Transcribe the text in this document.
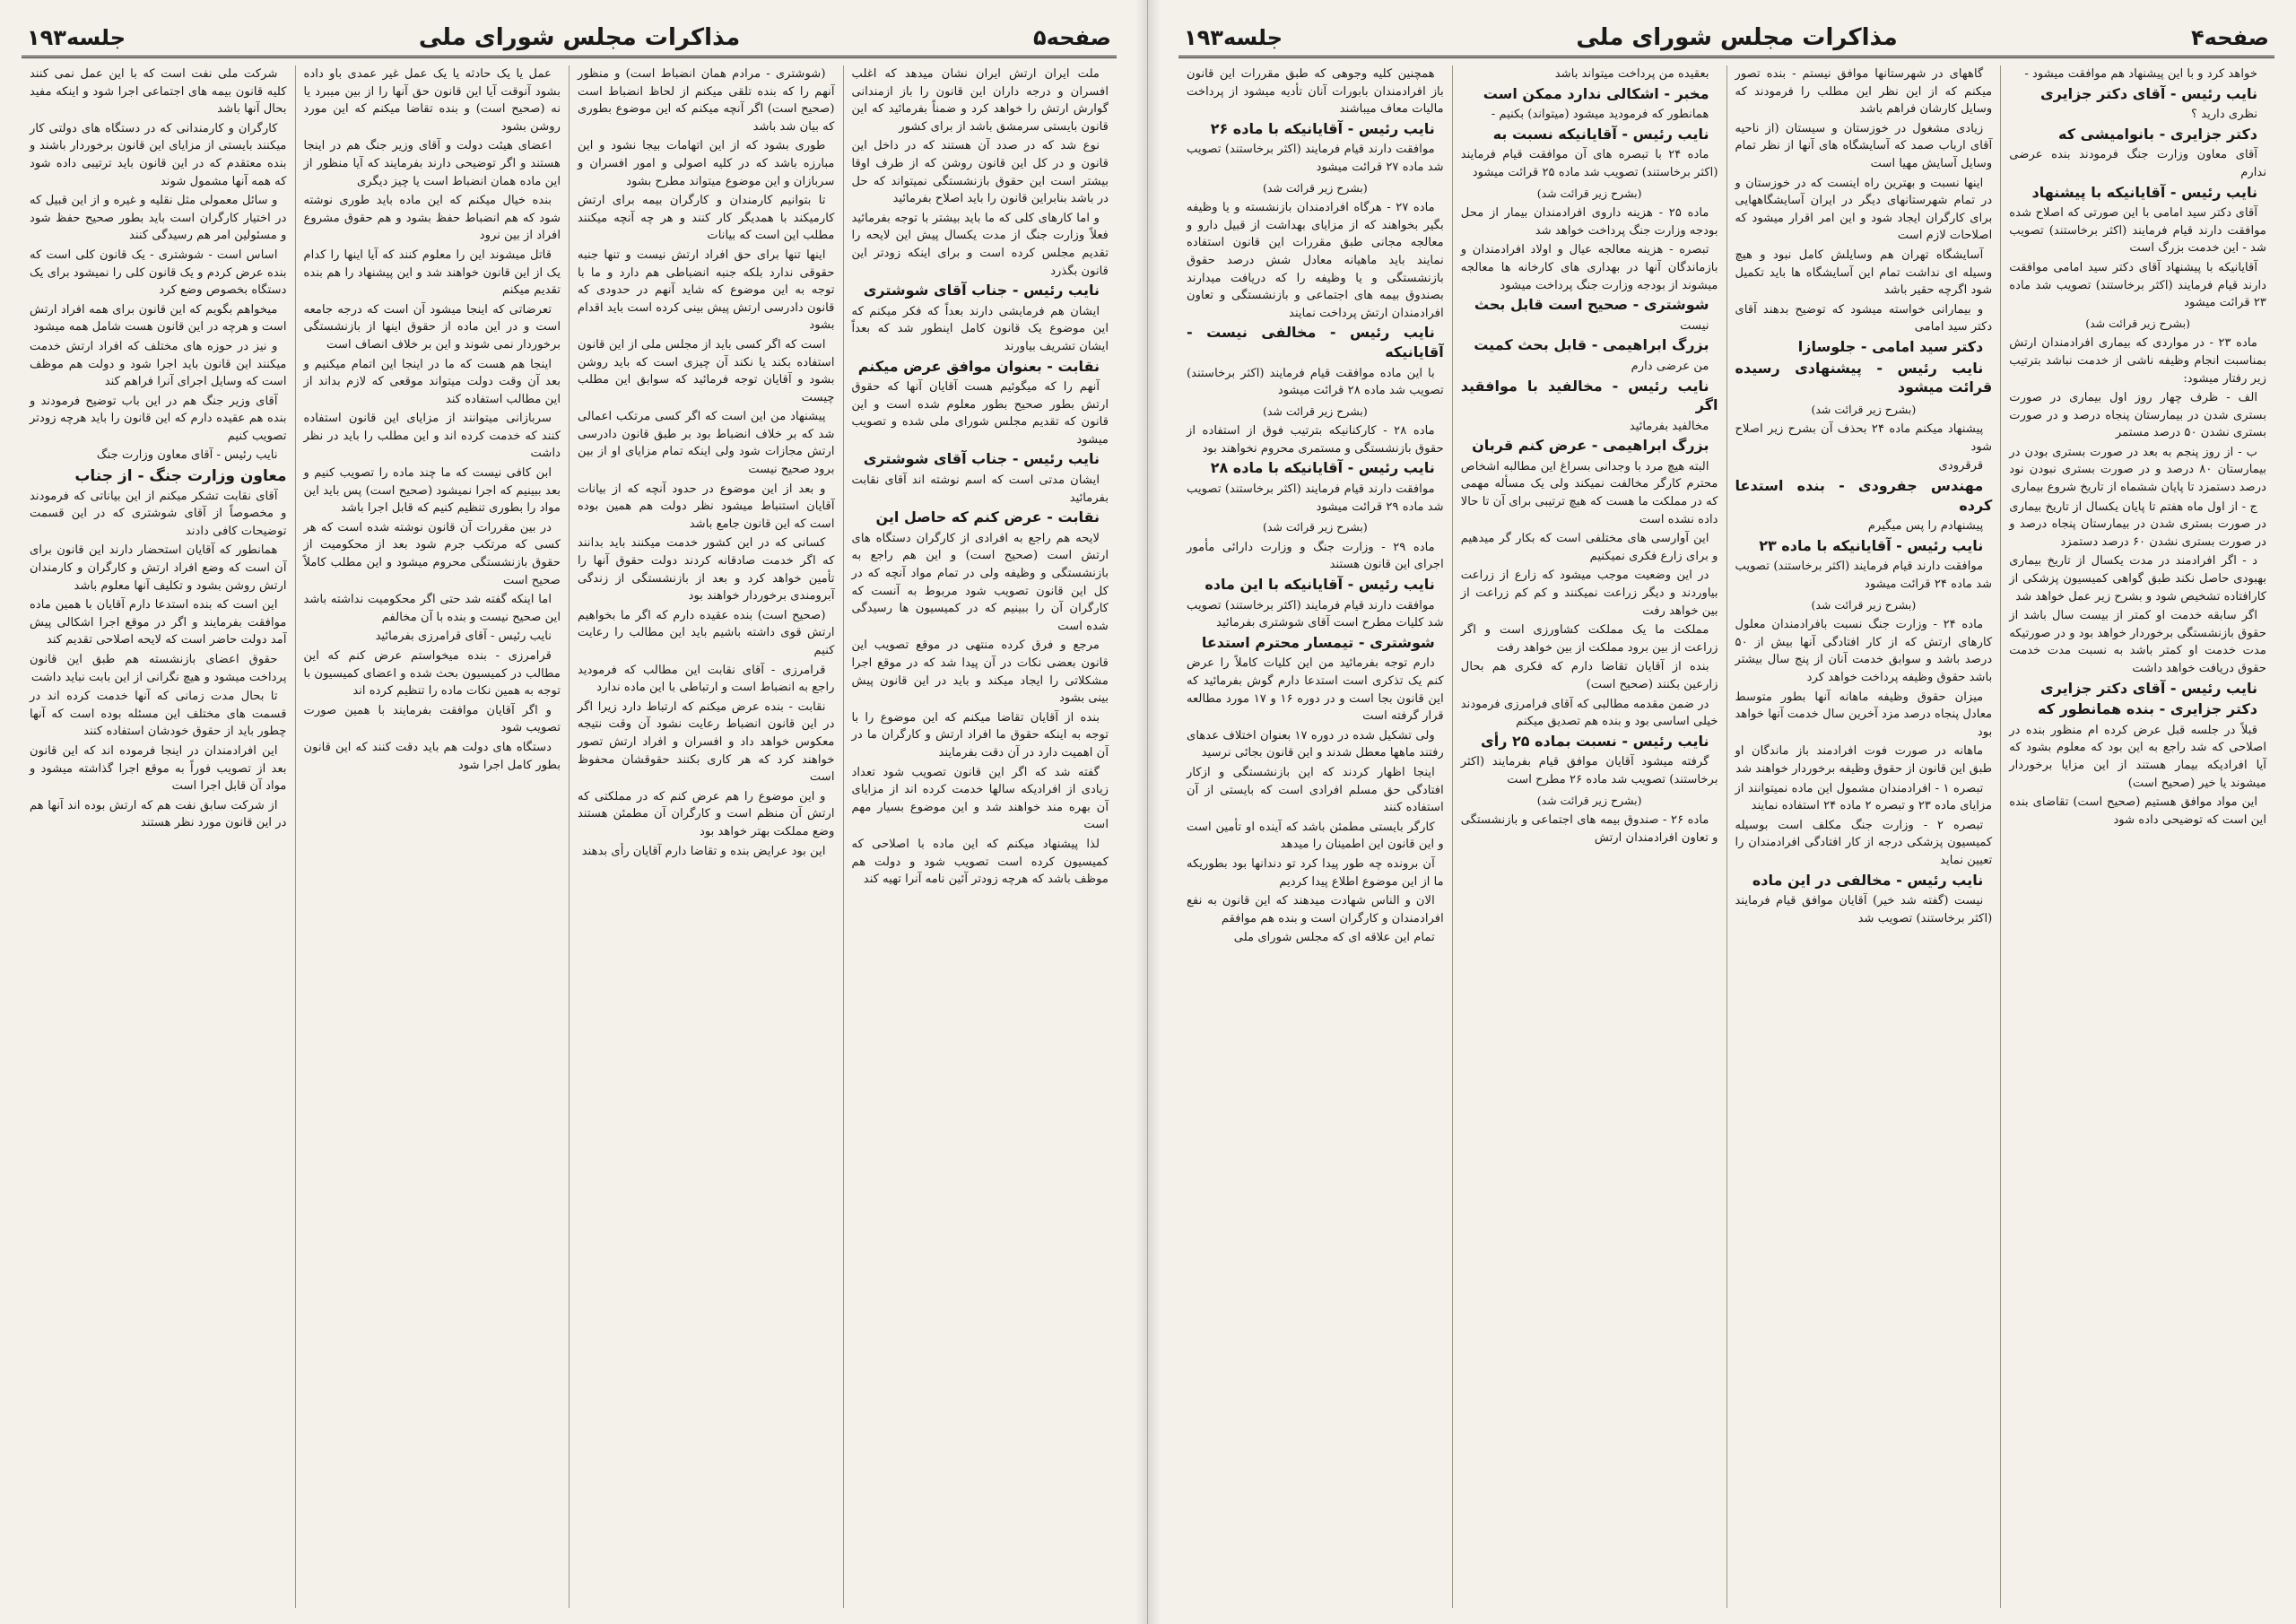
صفحه۵
مذاکرات مجلس شورای ملی
جلسه۱۹۳

ملت ایران ارتش ایران نشان میدهد که اغلب افسران و درجه داران این قانون را باز ازمندانی گوارش ارتش را خواهد کرد و ضمناً بفرمائید که این قانون بایستی سرمشق باشد از برای کشور

نوع شد که در صدد آن هستند که در داخل این قانون و در کل این قانون روشن که از طرف اوقا بیشتر است این حقوق بازنشستگی نمیتواند که حل در باشد بنابراین قانون را باید اصلاح بفرمائید

و اما کارهای کلی که ما باید بیشتر با توجه بفرمائید فعلاً وزارت جنگ از مدت یکسال پیش این لایحه را تقدیم مجلس کرده است و برای اینکه زودتر این قانون بگذرد

نایب رئیس - جناب آقای شوشتری

ایشان هم فرمایشی دارند بعداً که فکر میکنم که این موضوع یک قانون کامل اینطور شد که بعداً ایشان تشریف بیاورند

نقابت - بعنوان موافق عرض میکنم

آنهم را که میگوئیم هست آقایان آنها که حقوق ارتش بطور صحیح بطور معلوم شده است و این قانون که تقدیم مجلس شورای ملی شده و تصویب میشود

نایب رئیس - جناب آقای شوشتری

ایشان مدتی است که اسم نوشته اند آقای نقابت بفرمائید

نقابت - عرض کنم که حاصل این

لایحه هم راجع به افرادی از کارگران دستگاه های ارتش است (صحیح است) و این هم راجع به بازنشستگی و وظیفه ولی در تمام مواد آنچه که در کل این قانون تصویب شود مربوط به آنست که کارگران آن را ببینیم که در کمیسیون ها رسیدگی شده است

مرجع و فرق کرده منتهی در موقع تصویب این قانون بعضی نکات در آن پیدا شد که در موقع اجرا مشکلاتی را ایجاد میکند و باید در این قانون پیش بینی بشود

بنده از آقایان تقاضا میکنم که این موضوع را با توجه به اینکه حقوق ما افراد ارتش و کارگران ما در آن اهمیت دارد در آن دقت بفرمایند

گفته شد که اگر این قانون تصویب شود تعداد زیادی از افرادیکه سالها خدمت کرده اند از مزایای آن بهره مند خواهند شد و این موضوع بسیار مهم است

لذا پیشنهاد میکنم که این ماده با اصلاحی که کمیسیون کرده است تصویب شود و دولت هم موظف باشد که هرچه زودتر آئین نامه آنرا تهیه کند

(شوشتری - مرادم همان انضباط است) و منظور آنهم را که بنده تلقی میکنم از لحاظ انضباط است (صحیح است) اگر آنچه میکنم که این موضوع بطوری که بیان شد باشد

طوری بشود که از این اتهامات بیجا نشود و این مبارزه باشد که در کلیه اصولی و امور افسران و سربازان و این موضوع میتواند مطرح بشود

تا بتوانیم کارمندان و کارگران بیمه برای ارتش کارمیکند با همدیگر کار کنند و هر چه آنچه میکنند مطلب این است که بیانات

اینها تنها برای حق افراد ارتش نیست و تنها جنبه حقوقی ندارد بلکه جنبه انضباطی هم دارد و ما با توجه به این موضوع که شاید آنهم در حدودی که قانون دادرسی ارتش پیش بینی کرده است باید اقدام بشود

است که اگر کسی باید از مجلس ملی از این قانون استفاده بکند یا نکند آن چیزی است که باید روشن بشود و آقایان توجه فرمائید که سوابق این مطلب چیست

پیشنهاد من این است که اگر کسی مرتکب اعمالی شد که بر خلاف انضباط بود بر طبق قانون دادرسی ارتش مجازات شود ولی اینکه تمام مزایای او از بین برود صحیح نیست

و بعد از این موضوع در حدود آنچه که از بیانات آقایان استنباط میشود نظر دولت هم همین بوده است که این قانون جامع باشد

کسانی که در این کشور خدمت میکنند باید بدانند که اگر خدمت صادقانه کردند دولت حقوق آنها را تأمین خواهد کرد و بعد از بازنشستگی از زندگی آبرومندی برخوردار خواهند بود

(صحیح است) بنده عقیده دارم که اگر ما بخواهیم ارتش قوی داشته باشیم باید این مطالب را رعایت کنیم

قرامرزی - آقای نقابت این مطالب که فرمودید راجع به انضباط است و ارتباطی با این ماده ندارد

نقابت - بنده عرض میکنم که ارتباط دارد زیرا اگر در این قانون انضباط رعایت نشود آن وقت نتیجه معکوس خواهد داد و افسران و افراد ارتش تصور خواهند کرد که هر کاری بکنند حقوقشان محفوظ است

و این موضوع را هم عرض کنم که در مملکتی که ارتش آن منظم است و کارگران آن مطمئن هستند وضع مملکت بهتر خواهد بود

این بود عرایض بنده و تقاضا دارم آقایان رأی بدهند

عمل یا یک حادثه یا یک عمل غیر عمدی باو داده بشود آنوقت آیا این قانون حق آنها را از بین میبرد یا نه (صحیح است) و بنده تقاضا میکنم که این مورد روشن بشود

اعضای هیئت دولت و آقای وزیر جنگ هم در اینجا هستند و اگر توضیحی دارند بفرمایند که آیا منظور از این ماده همان انضباط است یا چیز دیگری

بنده خیال میکنم که این ماده باید طوری نوشته شود که هم انضباط حفظ بشود و هم حقوق مشروع افراد از بین نرود

قاتل میشوند این را معلوم کنند که آیا اینها را کدام یک از این قانون خواهند شد و این پیشنهاد را هم بنده تقدیم میکنم

تعرضاتی که اینجا میشود آن است که درجه جامعه است و در این ماده از حقوق اینها از بازنشستگی برخوردار نمی شوند و این بر خلاف انصاف است

اینجا هم هست که ما در اینجا این اتمام میکنیم و بعد آن وقت دولت میتواند موقعی که لازم بداند از این مطالب استفاده کند

سربازانی میتوانند از مزایای این قانون استفاده کنند که خدمت کرده اند و این مطلب را باید در نظر داشت

ابن کافی نیست که ما چند ماده را تصویب کنیم و بعد ببینیم که اجرا نمیشود (صحیح است) پس باید این مواد را بطوری تنظیم کنیم که قابل اجرا باشد

در بین مقررات آن قانون نوشته شده است که هر کسی که مرتکب جرم شود بعد از محکومیت از حقوق بازنشستگی محروم میشود و این مطلب کاملاً صحیح است

اما اینکه گفته شد حتی اگر محکومیت نداشته باشد این صحیح نیست و بنده با آن مخالفم

نایب رئیس - آقای قرامرزی بفرمائید

قرامرزی - بنده میخواستم عرض کنم که این مطالب در کمیسیون بحث شده و اعضای کمیسیون با توجه به همین نکات ماده را تنظیم کرده اند

و اگر آقایان موافقت بفرمایند با همین صورت تصویب شود

دستگاه های دولت هم باید دقت کنند که این قانون بطور کامل اجرا شود

شرکت ملی نفت است که با این عمل نمی کنند کلیه قانون بیمه های اجتماعی اجرا شود و اینکه مفید بحال آنها باشد

کارگران و کارمندانی که در دستگاه های دولتی کار میکنند بایستی از مزایای این قانون برخوردار باشند و بنده معتقدم که در این قانون باید ترتیبی داده شود که همه آنها مشمول شوند

و سائل معمولی مثل نقلیه و غیره و از این قبیل که در اختیار کارگران است باید بطور صحیح حفظ شود و مسئولین امر هم رسیدگی کنند

اساس است - شوشتری - یک قانون کلی است که بنده عرض کردم و یک قانون کلی را نمیشود برای یک دستگاه بخصوص وضع کرد

میخواهم بگویم که این قانون برای همه افراد ارتش است و هرچه در این قانون هست شامل همه میشود

و نیز در حوزه های مختلف که افراد ارتش خدمت میکنند این قانون باید اجرا شود و دولت هم موظف است که وسایل اجرای آنرا فراهم کند

آقای وزیر جنگ هم در این باب توضیح فرمودند و بنده هم عقیده دارم که این قانون را باید هرچه زودتر تصویب کنیم

نایب رئیس - آقای معاون وزارت جنگ

معاون وزارت جنگ - از جناب

آقای نقابت تشکر میکنم از این بیاناتی که فرمودند و مخصوصاً از آقای شوشتری که در این قسمت توضیحات کافی دادند

همانطور که آقایان استحضار دارند این قانون برای آن است که وضع افراد ارتش و کارگران و کارمندان ارتش روشن بشود و تکلیف آنها معلوم باشد

این است که بنده استدعا دارم آقایان با همین ماده موافقت بفرمایند و اگر در موقع اجرا اشکالی پیش آمد دولت حاضر است که لایحه اصلاحی تقدیم کند

حقوق اعضای بازنشسته هم طبق این قانون پرداخت میشود و هیچ نگرانی از این بابت نباید داشت

تا بحال مدت زمانی که آنها خدمت کرده اند در قسمت های مختلف این مسئله بوده است که آنها چطور باید از حقوق خودشان استفاده کنند

این افرادمندان در اینجا فرموده اند که این قانون بعد از تصویب فوراً به موقع اجرا گذاشته میشود و مواد آن قابل اجرا است

از شرکت سابق نفت هم که ارتش بوده اند آنها هم در این قانون مورد نظر هستند

صفحه۴
مذاکرات مجلس شورای ملی
جلسه۱۹۳

خواهد کرد و با این پیشنهاد هم موافقت میشود -

نایب رئیس - آقای دکتر جزایری

نظری دارید ؟

دکتر جزایری - بانوامیشی که

آقای معاون وزارت جنگ فرمودند بنده عرضی ندارم

نایب رئیس - آقایانیکه با پیشنهاد

آقای دکتر سید امامی با این صورتی که اصلاح شده موافقت دارند قیام فرمایند (اکثر برخاستند) تصویب شد - این خدمت بزرگ است

آقایانیکه با پیشنهاد آقای دکتر سید امامی موافقت دارند قیام فرمایند (اکثر برخاستند) تصویب شد ماده ۲۳ قرائت میشود

(بشرح زیر قرائت شد)

ماده ۲۳ - در مواردی که بیماری افرادمندان ارتش بمناسبت انجام وظیفه ناشی از خدمت نباشد بترتیب زیر رفتار میشود:

الف - ظرف چهار روز اول بیماری در صورت بستری شدن در بیمارستان پنجاه درصد و در صورت بستری نشدن ۵۰ درصد مستمر

ب - از روز پنجم به بعد در صورت بستری بودن در بیمارستان ۸۰ درصد و در صورت بستری نبودن نود درصد دستمزد تا پایان ششماه از تاریخ شروع بیماری

ج - از اول ماه هفتم تا پایان یکسال از تاریخ بیماری در صورت بستری شدن در بیمارستان پنجاه درصد و در صورت بستری نشدن ۶۰ درصد دستمزد

د - اگر افرادمند در مدت یکسال از تاریخ بیماری بهبودی حاصل نکند طبق گواهی کمیسیون پزشکی از کارافتاده تشخیص شود و بشرح زیر عمل خواهد شد

اگر سابقه خدمت او کمتر از بیست سال باشد از حقوق بازنشستگی برخوردار خواهد بود و در صورتیکه مدت خدمت او کمتر باشد به نسبت مدت خدمت حقوق دریافت خواهد داشت

نایب رئیس - آقای دکتر جزایری

دکتر جزایری - بنده همانطور که

قبلاً در جلسه قبل عرض کرده ام منظور بنده در اصلاحی که شد راجع به این بود که معلوم بشود که آیا افرادیکه بیمار هستند از این مزایا برخوردار میشوند یا خیر (صحیح است)

این مواد موافق هستیم (صحیح است) تقاضای بنده این است که توضیحی داده شود

گاههای در شهرستانها موافق نیستم - بنده تصور میکنم که از این نظر این مطلب را فرمودند که وسایل کارشان فراهم باشد

زیادی مشغول در خوزستان و سیستان (از ناحیه آقای ارباب صمد که آسایشگاه های آنها از نظر تمام وسایل آسایش مهیا است

اینها نسبت و بهترین راه اینست که در خوزستان و در تمام شهرستانهای دیگر در ایران آسایشگاههایی برای کارگران ایجاد شود و این امر اقرار میشود که اصلاحات لازم است

آسایشگاه تهران هم وسایلش کامل نبود و هیچ وسیله ای نداشت تمام این آسایشگاه ها باید تکمیل شود اگرچه حقیر باشد

و بیمارانی خواسته میشود که توضیح بدهند آقای دکتر سید امامی

دکتر سید امامی - جلوسازا

نایب رئیس - پیشنهادی رسیده قرائت میشود

(بشرح زیر قرائت شد)

پیشنهاد میکنم ماده ۲۴ بحذف آن بشرح زیر اصلاح شود

قرقرودی

مهندس جفرودی - بنده استدعا کرده

پیشنهادم را پس میگیرم

نایب رئیس - آقایانیکه با ماده ۲۳

موافقت دارند قیام فرمایند (اکثر برخاستند) تصویب شد ماده ۲۴ قرائت میشود

(بشرح زیر قرائت شد)

ماده ۲۴ - وزارت جنگ نسبت بافرادمندان معلول کارهای ارتش که از کار افتادگی آنها بیش از ۵۰ درصد باشد و سوابق خدمت آنان از پنج سال بیشتر باشد حقوق وظیفه پرداخت خواهد کرد

میزان حقوق وظیفه ماهانه آنها بطور متوسط معادل پنجاه درصد مزد آخرین سال خدمت آنها خواهد بود

ماهانه در صورت فوت افرادمند باز ماندگان او طبق این قانون از حقوق وظیفه برخوردار خواهند شد

تبصره ۱ - افرادمندان مشمول این ماده نمیتوانند از مزایای ماده ۲۳ و تبصره ۲ ماده ۲۴ استفاده نمایند

تبصره ۲ - وزارت جنگ مکلف است بوسیله کمیسیون پزشکی درجه از کار افتادگی افرادمندان را تعیین نماید

نایب رئیس - مخالفی در این ماده

نیست (گفته شد خیر) آقایان موافق قیام فرمایند (اکثر برخاستند) تصویب شد

بعقیده من پرداخت میتواند باشد

مخبر - اشکالی ندارد ممکن است

همانطور که فرمودید میشود (میتواند) بکنیم -

نایب رئیس - آقایانیکه نسبت به

ماده ۲۴ با تبصره های آن موافقت قیام فرمایند (اکثر برخاستند) تصویب شد ماده ۲۵ قرائت میشود

(بشرح زیر قرائت شد)

ماده ۲۵ - هزینه داروی افرادمندان بیمار از محل بودجه وزارت جنگ پرداخت خواهد شد

تبصره - هزینه معالجه عیال و اولاد افرادمندان و بازماندگان آنها در بهداری های کارخانه ها معالجه میشوند از بودجه وزارت جنگ پرداخت میشود

شوشتری - صحیح است قابل بحث

نیست

بزرگ ابراهیمی - قابل بحث کمیت

من عرضی دارم

نایب رئیس - مخالفید با موافقید اگر

مخالفید بفرمائید

بزرگ ابراهیمی - عرض کنم قربان

البته هیچ مرد با وجدانی بسراغ این مطالبه اشخاص محترم کارگر مخالفت نمیکند ولی یک مسأله مهمی که در مملکت ما هست که هیچ ترتیبی برای آن تا حالا داده نشده است

این آوارسی های مختلفی است که بکار گر میدهیم و برای زارع فکری نمیکنیم

در این وضعیت موجب میشود که زارع از زراعت بیاوردند و دیگر زراعت نمیکنند و کم کم زراعت از بین خواهد رفت

مملکت ما یک مملکت کشاورزی است و اگر زراعت از بین برود مملکت از بین خواهد رفت

بنده از آقایان تقاضا دارم که فکری هم بحال زارعین بکنند (صحیح است)

در ضمن مقدمه مطالبی که آقای فرامرزی فرمودند خیلی اساسی بود و بنده هم تصدیق میکنم

نایب رئیس - نسبت بماده ۲۵ رأی

گرفته میشود آقایان موافق قیام بفرمایند (اکثر برخاستند) تصویب شد ماده ۲۶ مطرح است

(بشرح زیر قرائت شد)

ماده ۲۶ - صندوق بیمه های اجتماعی و بازنشستگی و تعاون افرادمندان ارتش

همچنین کلیه وجوهی که طبق مقررات این قانون باز افرادمندان بابورات آنان تأدیه میشود از پرداخت مالیات معاف میباشند

نایب رئیس - آقایانیکه با ماده ۲۶

موافقت دارند قیام فرمایند (اکثر برخاستند) تصویب شد ماده ۲۷ قرائت میشود

(بشرح زیر قرائت شد)

ماده ۲۷ - هرگاه افرادمندان بازنشسته و یا وظیفه بگیر بخواهند که از مزایای بهداشت از قبیل دارو و معالجه مجانی طبق مقررات این قانون استفاده نمایند باید ماهیانه معادل شش درصد حقوق بازنشستگی و یا وظیفه را که دریافت میدارند بصندوق بیمه های اجتماعی و بازنشستگی و تعاون افرادمندان ارتش پرداخت نمایند

نایب رئیس - مخالفی نیست - آقایانیکه

با این ماده موافقت قیام فرمایند (اکثر برخاستند) تصویب شد ماده ۲۸ قرائت میشود

(بشرح زیر قرائت شد)

ماده ۲۸ - کارکنانیکه بترتیب فوق از استفاده از حقوق بازنشستگی و مستمری محروم نخواهند بود

نایب رئیس - آقایانیکه با ماده ۲۸

موافقت دارند قیام فرمایند (اکثر برخاستند) تصویب شد ماده ۲۹ قرائت میشود

(بشرح زیر قرائت شد)

ماده ۲۹ - وزارت جنگ و وزارت دارائی مأمور اجرای این قانون هستند

نایب رئیس - آقایانیکه با این ماده

موافقت دارند قیام فرمایند (اکثر برخاستند) تصویب شد کلیات مطرح است آقای شوشتری بفرمائید

شوشتری - تیمسار محترم استدعا

دارم توجه بفرمائید من این کلیات کاملاً را عرض کنم یک تذکری است استدعا دارم گوش بفرمائید که این قانون بجا است و در دوره ۱۶ و ۱۷ مورد مطالعه قرار گرفته است

ولی تشکیل شده در دوره ۱۷ بعنوان اختلاف عدهای رفتند ماهها معطل شدند و این قانون بجائی نرسید

اینجا اظهار کردند که این بازنشستگی و ازکار افتادگی حق مسلم افرادی است که بایستی از آن استفاده کنند

کارگر بایستی مطمئن باشد که آینده او تأمین است و این قانون این اطمینان را میدهد

آن برونده چه طور پیدا کرد تو دندانها بود بطوریکه ما از این موضوع اطلاع پیدا کردیم

الان و الناس شهادت میدهند که این قانون به نفع افرادمندان و کارگران است و بنده هم موافقم

تمام این علاقه ای که مجلس شورای ملی
